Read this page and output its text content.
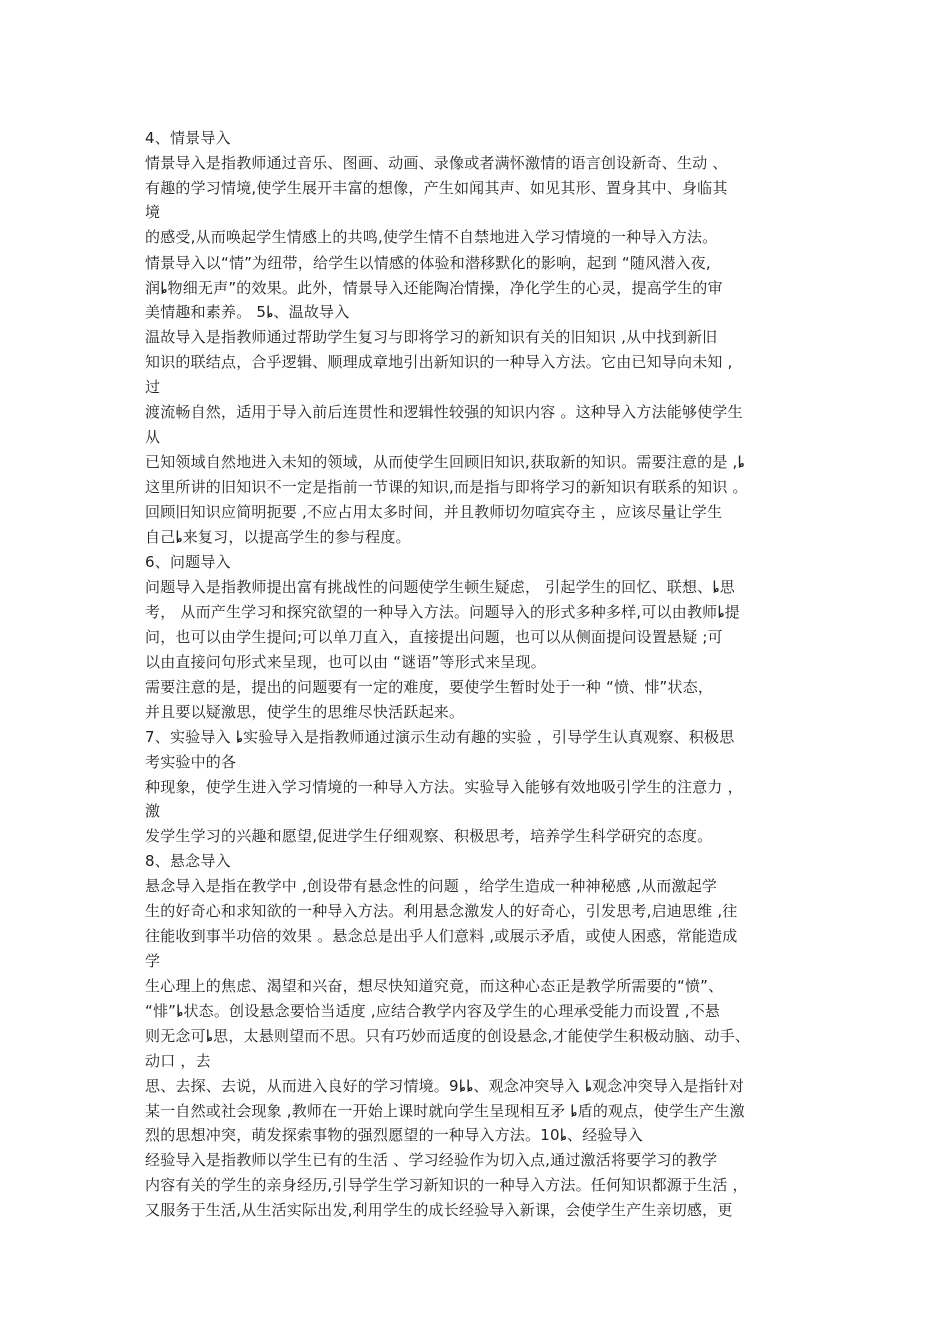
4、情景导入
情景导入是指教师通过音乐、图画、动画、录像或者满怀激情的语言创设新奇、生动 、
有趣的学习情境,使学生展开丰富的想像，产生如闻其声、如见其形、置身其中、身临其
境
的感受,从而唤起学生情感上的共鸣,使学生情不自禁地进入学习情境的一种导入方法。
情景导入以“情”为纽带，给学生以情感的体验和潜移默化的影响，起到 “随风潜入夜,
润ȴ物细无声”的效果。此外，情景导入还能陶冶情操，净化学生的心灵，提高学生的审
美情趣和素养。 5ȴ、温故导入
温故导入是指教师通过帮助学生复习与即将学习的新知识有关的旧知识 ,从中找到新旧
知识的联结点，合乎逻辑、顺理成章地引出新知识的一种导入方法。它由已知导向未知 ,
过
渡流畅自然，适用于导入前后连贯性和逻辑性较强的知识内容 。这种导入方法能够使学生
从
已知领域自然地进入未知的领域，从而使学生回顾旧知识,获取新的知识。需要注意的是 ,ȴ
这里所讲的旧知识不一定是指前一节课的知识,而是指与即将学习的新知识有联系的知识 。
回顾旧知识应简明扼要 ,不应占用太多时间，并且教师切勿喧宾夺主 ，应该尽量让学生
自己ȴ来复习，以提高学生的参与程度。
6、问题导入
问题导入是指教师提出富有挑战性的问题使学生顿生疑虑， 引起学生的回忆、联想、ȴ思
考， 从而产生学习和探究欲望的一种导入方法。问题导入的形式多种多样,可以由教师ȴ提
问，也可以由学生提问;可以单刀直入，直接提出问题，也可以从侧面提问设置悬疑 ;可
以由直接问句形式来呈现，也可以由 “谜语”等形式来呈现。
需要注意的是，提出的问题要有一定的难度，要使学生暂时处于一种 “愤、悱”状态，
并且要以疑激思，使学生的思维尽快活跃起来。
7、实验导入 ȴ实验导入是指教师通过演示生动有趣的实验 ，引导学生认真观察、积极思
考实验中的各
种现象，使学生进入学习情境的一种导入方法。实验导入能够有效地吸引学生的注意力 ，
激
发学生学习的兴趣和愿望,促进学生仔细观察、积极思考，培养学生科学研究的态度。
8、悬念导入
悬念导入是指在教学中 ,创设带有悬念性的问题 ，给学生造成一种神秘感 ,从而激起学
生的好奇心和求知欲的一种导入方法。利用悬念激发人的好奇心，引发思考,启迪思维 ,往
往能收到事半功倍的效果 。悬念总是出乎人们意料 ,或展示矛盾，或使人困惑，常能造成
学
生心理上的焦虑、渴望和兴奋，想尽快知道究竟，而这种心态正是教学所需要的“愤”、
“悱”ȴ状态。创设悬念要恰当适度 ,应结合教学内容及学生的心理承受能力而设置 ,不悬
则无念可ȴ思，太悬则望而不思。只有巧妙而适度的创设悬念,才能使学生积极动脑、动手、
动口 ，去
思、去探、去说，从而进入良好的学习情境。9ȴȴ、观念冲突导入 ȴ观念冲突导入是指针对
某一自然或社会现象 ,教师在一开始上课时就向学生呈现相互矛 ȴ盾的观点，使学生产生激
烈的思想冲突，萌发探索事物的强烈愿望的一种导入方法。10ȴ、经验导入
经验导入是指教师以学生已有的生活 、学习经验作为切入点,通过激活将要学习的教学
内容有关的学生的亲身经历,引导学生学习新知识的一种导入方法。任何知识都源于生活 ，
又服务于生活,从生活实际出发,利用学生的成长经验导入新课，会使学生产生亲切感，更
